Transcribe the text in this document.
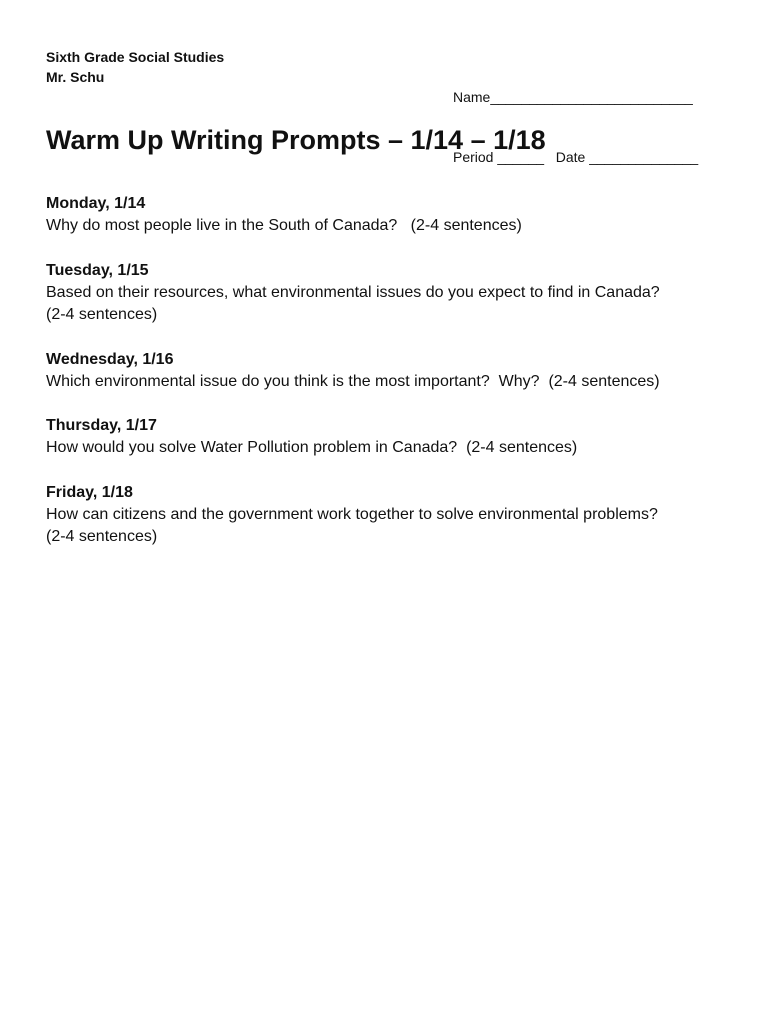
Sixth Grade Social Studies
Mr. Schu

Name__________________________

Period ______   Date ______________

Warm Up Writing Prompts – 1/14 – 1/18
Monday, 1/14
Why do most people live in the South of Canada?   (2-4 sentences)
Tuesday, 1/15
Based on their resources, what environmental issues do you expect to find in Canada?
(2-4 sentences)
Wednesday, 1/16
Which environmental issue do you think is the most important?  Why?  (2-4 sentences)
Thursday, 1/17
How would you solve Water Pollution problem in Canada?  (2-4 sentences)
Friday, 1/18
How can citizens and the government work together to solve environmental problems?
(2-4 sentences)
